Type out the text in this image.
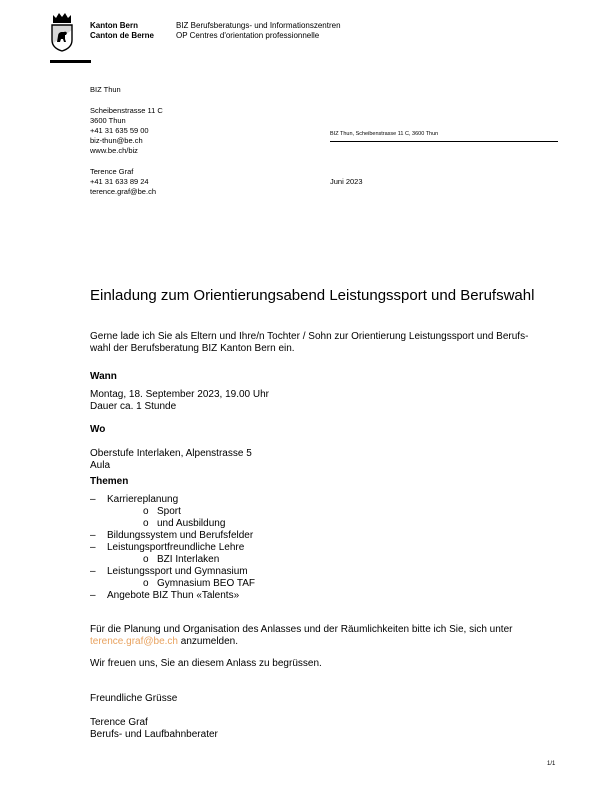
Kanton Bern
Canton de Berne
BIZ Berufsberatungs- und Informationszentren
OP Centres d'orientation professionnelle
BIZ Thun
Scheibenstrasse 11 C
3600 Thun
+41 31 635 59 00
biz-thun@be.ch
www.be.ch/biz
Terence Graf
+41 31 633 89 24
terence.graf@be.ch
BIZ Thun, Scheibenstrasse 11 C, 3600 Thun
Juni 2023
Einladung zum Orientierungsabend Leistungssport und Berufswahl
Gerne lade ich Sie als Eltern und Ihre/n Tochter / Sohn zur Orientierung Leistungssport und Berufs-
wahl der Berufsberatung BIZ Kanton Bern ein.
Wann
Montag, 18. September 2023, 19.00 Uhr
Dauer ca. 1 Stunde
Wo
Oberstufe Interlaken, Alpenstrasse 5
Aula
Themen
– Karriereplanung
o Sport
o und Ausbildung
– Bildungssystem und Berufsfelder
– Leistungsportfreundliche Lehre
o BZI Interlaken
– Leistungssport und Gymnasium
o Gymnasium BEO TAF
– Angebote BIZ Thun «Talents»
Für die Planung und Organisation des Anlasses und der Räumlichkeiten bitte ich Sie, sich unter
terence.graf@be.ch anzumelden.
Wir freuen uns, Sie an diesem Anlass zu begrüssen.
Freundliche Grüsse
Terence Graf
Berufs- und Laufbahnberater
1/1
